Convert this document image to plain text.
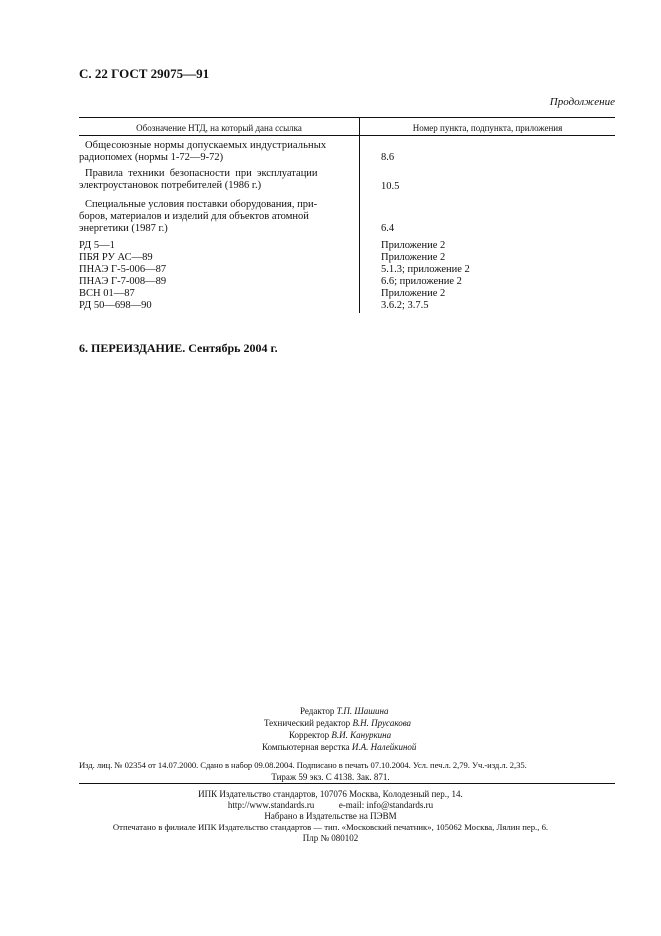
С. 22 ГОСТ 29075—91
Продолжение
Обозначение НТД, на который дана ссылка	Номер пункта, подпункта, приложения
Общесоюзные нормы допускаемых индустриальных
радиопомех (нормы 1-72—9-72)	8.6
Правила техники безопасности при эксплуатации
электроустановок потребителей (1986 г.)	10.5
Специальные условия поставки оборудования, при-
боров, материалов и изделий для объектов атомной
энергетики (1987 г.)	6.4
РД 5—1	Приложение 2
ПБЯ РУ АС—89	Приложение 2
ПНАЭ Г-5-006—87	5.1.3; приложение 2
ПНАЭ Г-7-008—89	6.6; приложение 2
ВСН 01—87	Приложение 2
РД 50—698—90	3.6.2; 3.7.5
6. ПЕРЕИЗДАНИЕ. Сентябрь 2004 г.
Редактор Т.П. Шашина
Технический редактор В.Н. Прусакова
Корректор В.И. Кануркина
Компьютерная верстка И.А. Налейкиной
Изд. лиц. № 02354 от 14.07.2000. Сдано в набор 09.08.2004. Подписано в печать 07.10.2004. Усл. печ.л. 2,79. Уч.-изд.л. 2,35.
Тираж 59 экз. С 4138. Зак. 871.
ИПК Издательство стандартов, 107076 Москва, Колодезный пер., 14.
http://www.standards.ru	e-mail: info@standards.ru
Набрано в Издательстве на ПЭВМ
Отпечатано в филиале ИПК Издательство стандартов — тип. «Московский печатник», 105062 Москва, Лялин пер., 6.
Плр № 080102
